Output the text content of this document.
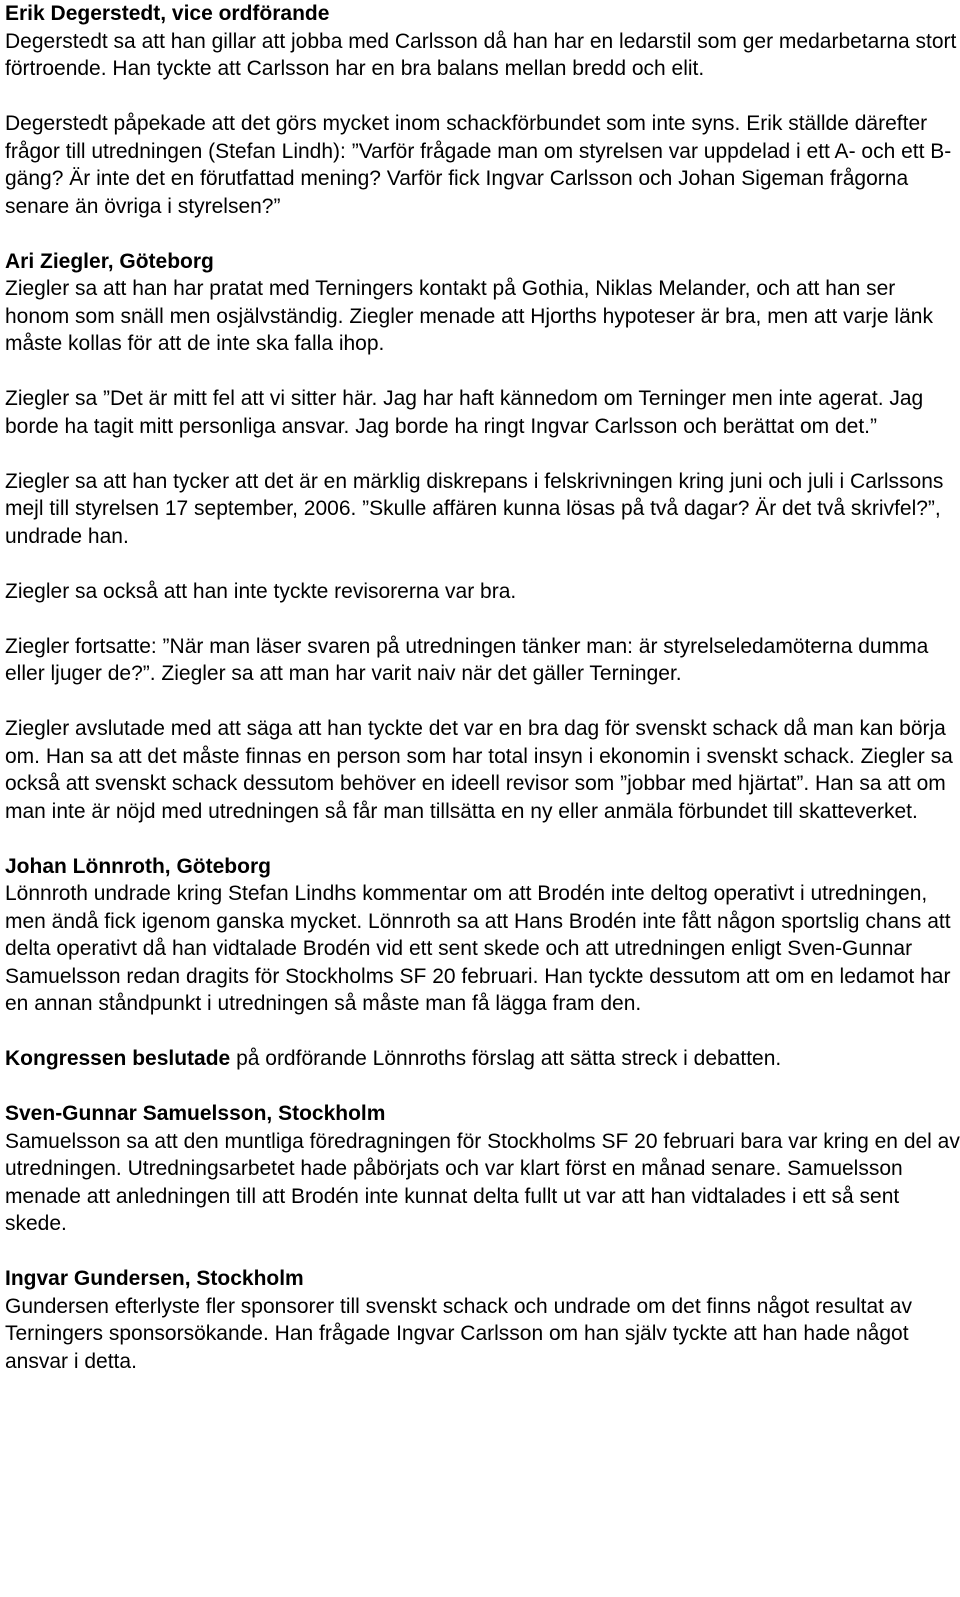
Erik Degerstedt, vice ordförande

Degerstedt sa att han gillar att jobba med Carlsson då han har en ledarstil som ger medarbetarna stort förtroende. Han tyckte att Carlsson har en bra balans mellan bredd och elit.

Degerstedt påpekade att det görs mycket inom schackförbundet som inte syns. Erik ställde därefter frågor till utredningen (Stefan Lindh): ”Varför frågade man om styrelsen var uppdelad i ett A- och ett B-gäng? Är inte det en förutfattad mening? Varför fick Ingvar Carlsson och Johan Sigeman frågorna senare än övriga i styrelsen?”

Ari Ziegler, Göteborg

Ziegler sa att han har pratat med Terningers kontakt på Gothia, Niklas Melander, och att han ser honom som snäll men osjälvständig. Ziegler menade att Hjorths hypoteser är bra, men att varje länk måste kollas för att de inte ska falla ihop.

Ziegler sa ”Det är mitt fel att vi sitter här. Jag har haft kännedom om Terninger men inte agerat. Jag borde ha tagit mitt personliga ansvar. Jag borde ha ringt Ingvar Carlsson och berättat om det.”

Ziegler sa att han tycker att det är en märklig diskrepans i felskrivningen kring juni och juli i Carlssons mejl till styrelsen 17 september, 2006. ”Skulle affären kunna lösas på två dagar? Är det två skrivfel?”, undrade han.

Ziegler sa också att han inte tyckte revisorerna var bra.

Ziegler fortsatte: ”När man läser svaren på utredningen tänker man: är styrelseledamöterna dumma eller ljuger de?”. Ziegler sa att man har varit naiv när det gäller Terninger.

Ziegler avslutade med att säga att han tyckte det var en bra dag för svenskt schack då man kan börja om. Han sa att det måste finnas en person som har total insyn i ekonomin i svenskt schack. Ziegler sa också att svenskt schack dessutom behöver en ideell revisor som ”jobbar med hjärtat”. Han sa att om man inte är nöjd med utredningen så får man tillsätta en ny eller anmäla förbundet till skatteverket.

Johan Lönnroth, Göteborg

Lönnroth undrade kring Stefan Lindhs kommentar om att Brodén inte deltog operativt i utredningen, men ändå fick igenom ganska mycket. Lönnroth sa att Hans Brodén inte fått någon sportslig chans att delta operativt då han vidtalade Brodén vid ett sent skede och att utredningen enligt Sven-Gunnar Samuelsson redan dragits för Stockholms SF 20 februari. Han tyckte dessutom att om en ledamot har en annan ståndpunkt i utredningen så måste man få lägga fram den.

Kongressen beslutade på ordförande Lönnroths förslag att sätta streck i debatten.

Sven-Gunnar Samuelsson, Stockholm

Samuelsson sa att den muntliga föredragningen för Stockholms SF 20 februari bara var kring en del av utredningen. Utredningsarbetet hade påbörjats och var klart först en månad senare. Samuelsson menade att anledningen till att Brodén inte kunnat delta fullt ut var att han vidtalades i ett så sent skede.

Ingvar Gundersen, Stockholm

Gundersen efterlyste fler sponsorer till svenskt schack och undrade om det finns något resultat av Terningers sponsorsökande. Han frågade Ingvar Carlsson om han själv tyckte att han hade något ansvar i detta.
